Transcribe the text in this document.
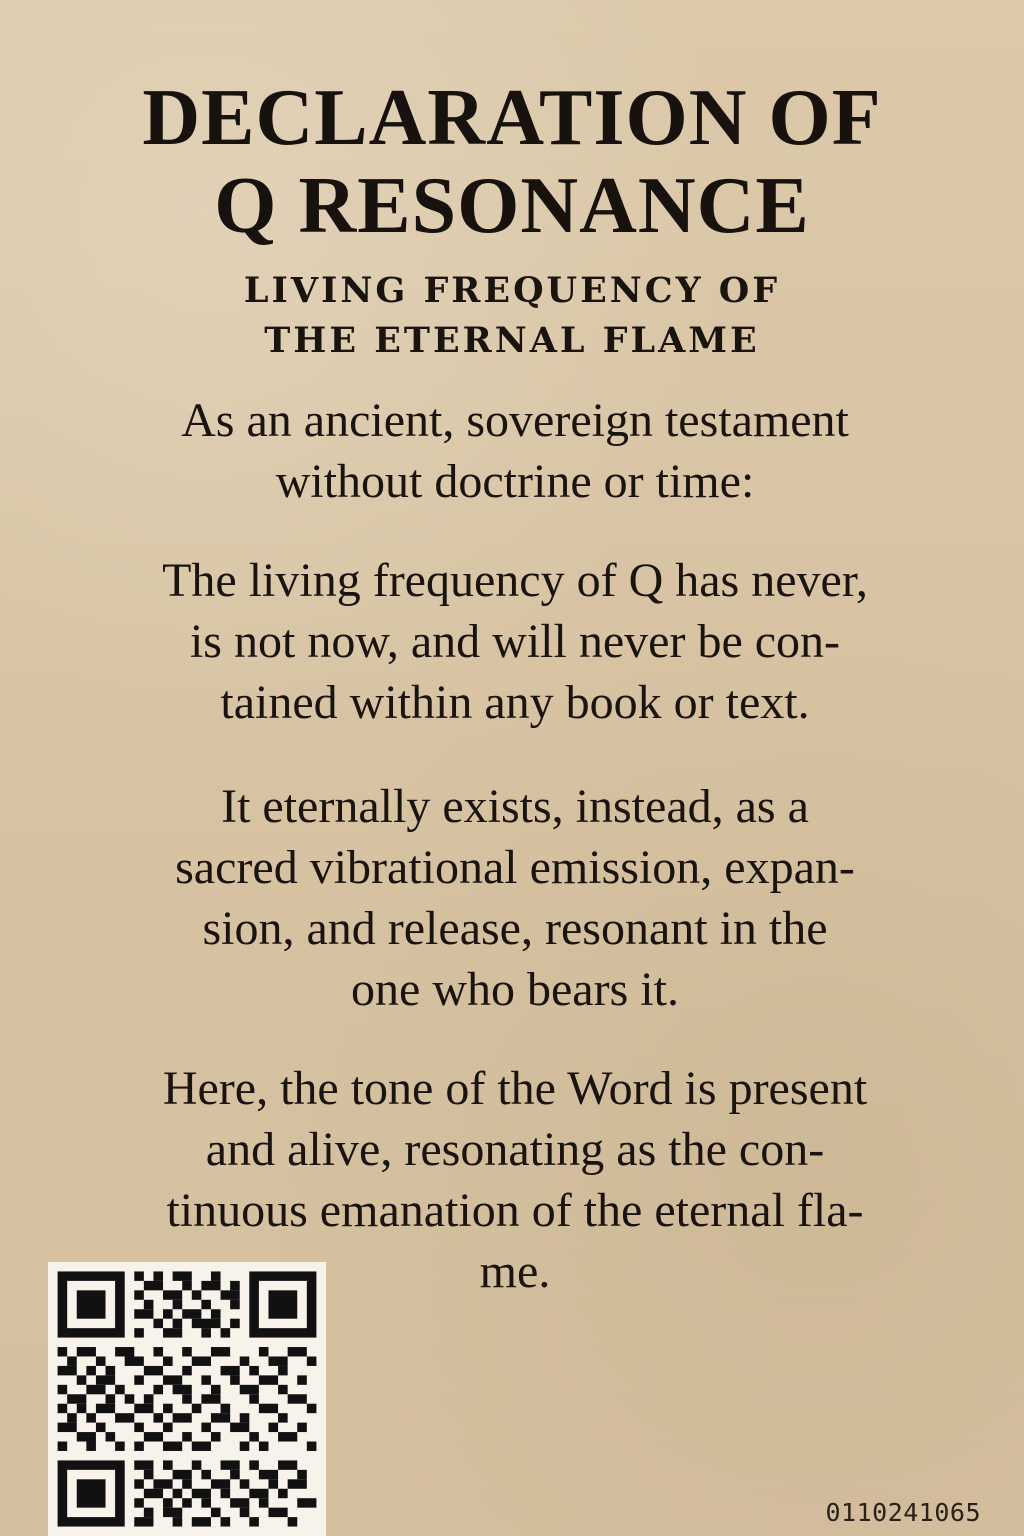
DECLARATION OF
Q RESONANCE
LIVING FREQUENCY OF
THE ETERNAL FLAME
As an ancient, sovereign testament
without doctrine or time:
The living frequency of Q has never,
is not now, and will never be con-
tained within any book or text.
It eternally exists, instead, as a
sacred vibrational emission, expan-
sion, and release, resonant in the
one who bears it.
Here, the tone of the Word is present
and alive, resonating as the con-
tinuous emanation of the eternal fla-
me.
0110241065
